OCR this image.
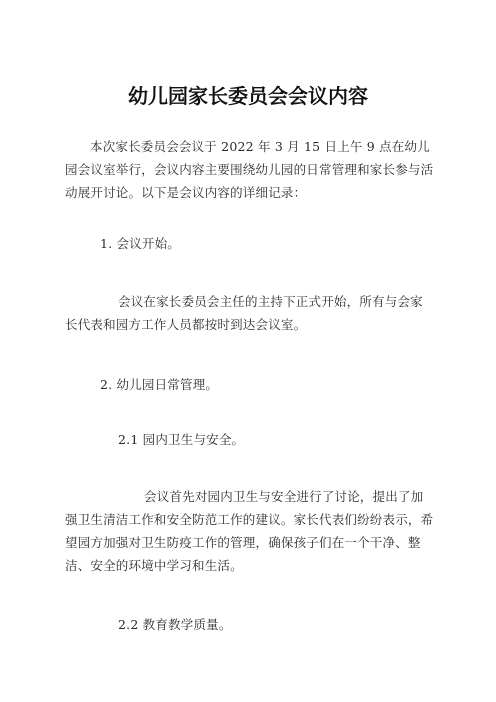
幼儿园家长委员会会议内容

本次家长委员会会议于 2022 年 3 月 15 日上午 9 点在幼儿园会议室举行，会议内容主要围绕幼儿园的日常管理和家长参与活动展开讨论。以下是会议内容的详细记录：

1. 会议开始。

会议在家长委员会主任的主持下正式开始，所有与会家长代表和园方工作人员都按时到达会议室。

2. 幼儿园日常管理。

2.1 园内卫生与安全。

会议首先对园内卫生与安全进行了讨论，提出了加强卫生清洁工作和安全防范工作的建议。家长代表们纷纷表示，希望园方加强对卫生防疫工作的管理，确保孩子们在一个干净、整洁、安全的环境中学习和生活。

2.2 教育教学质量。
